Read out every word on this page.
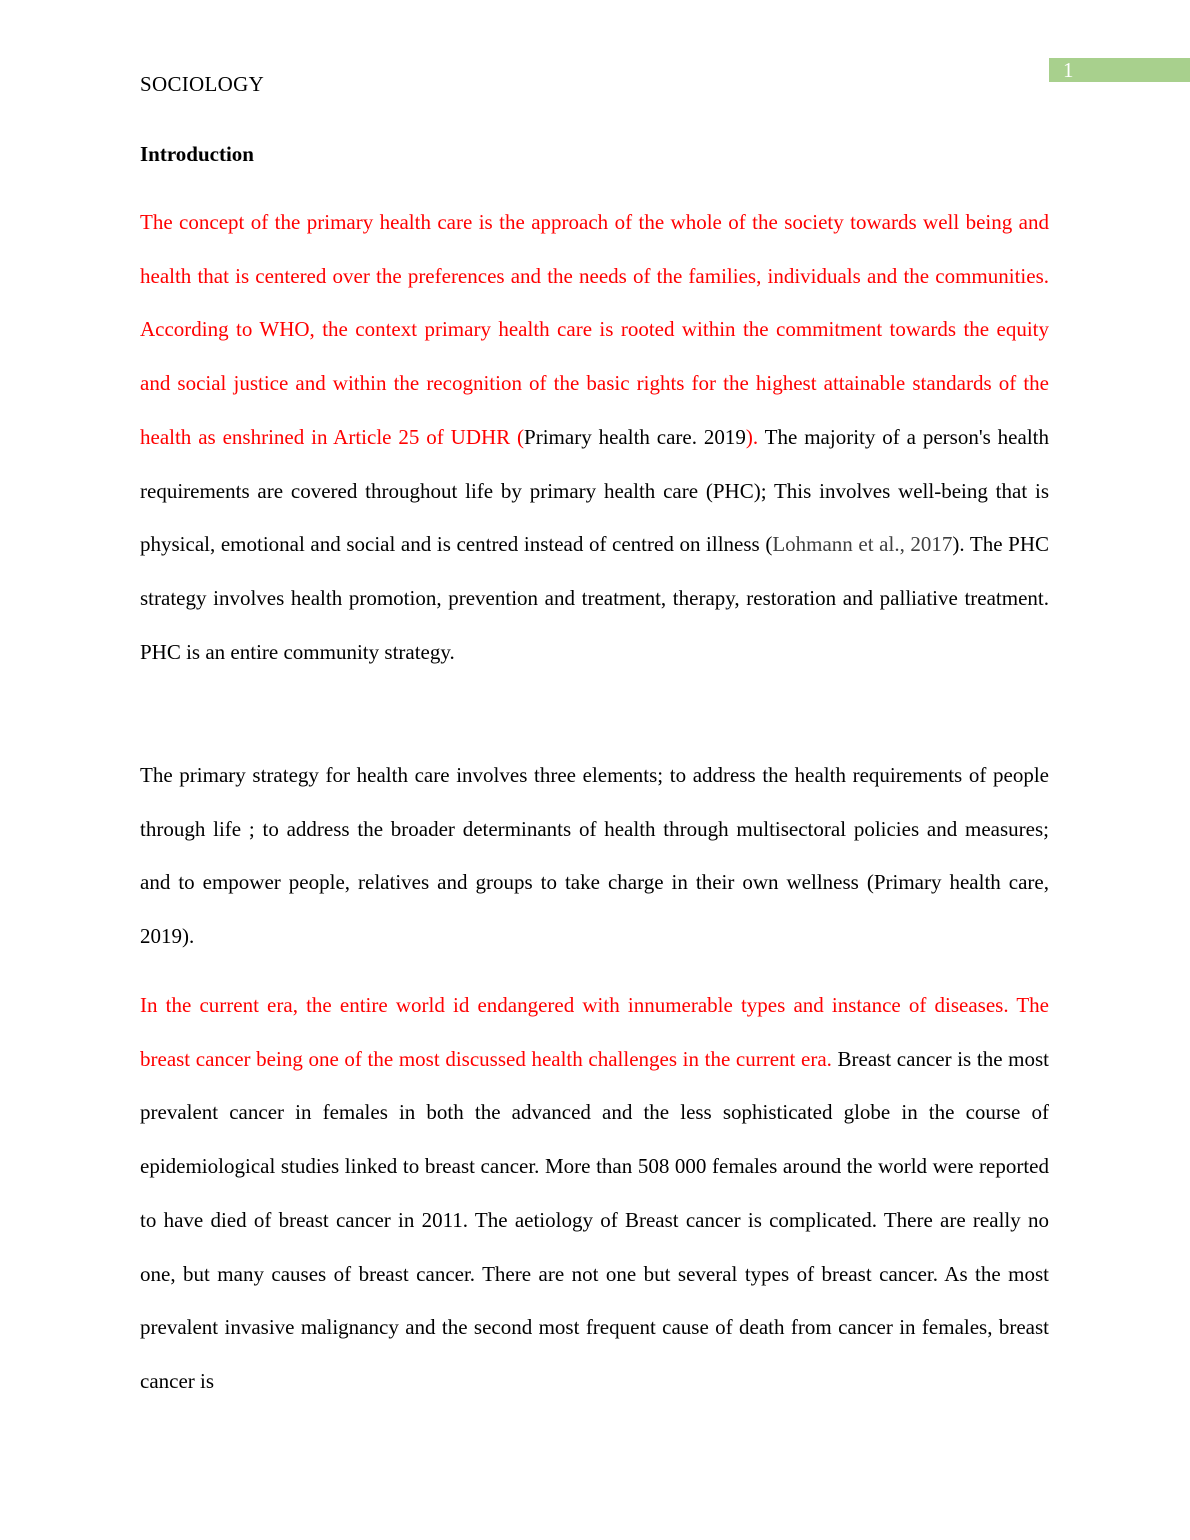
1
SOCIOLOGY
Introduction

The concept of the primary health care is the approach of the whole of the society towards well being and health that is centered over the preferences and the needs of the families, individuals and the communities. According to WHO, the context primary health care is rooted within the commitment towards the equity and social justice and within the recognition of the basic rights for the highest attainable standards of the health as enshrined in Article 25 of UDHR (Primary health care. 2019). The majority of a person's health requirements are covered throughout life by primary health care (PHC); This involves well-being that is physical, emotional and social and is centred instead of centred on illness (Lohmann et al., 2017). The PHC strategy involves health promotion, prevention and treatment, therapy, restoration and palliative treatment. PHC is an entire community strategy.

The primary strategy for health care involves three elements; to address the health requirements of people through life ; to address the broader determinants of health through multisectoral policies and measures; and to empower people, relatives and groups to take charge in their own wellness (Primary health care, 2019).

In the current era, the entire world id endangered with innumerable types and instance of diseases. The breast cancer being one of the most discussed health challenges in the current era. Breast cancer is the most prevalent cancer in females in both the advanced and the less sophisticated globe in the course of epidemiological studies linked to breast cancer. More than 508 000 females around the world were reported to have died of breast cancer in 2011. The aetiology of Breast cancer is complicated. There are really no one, but many causes of breast cancer. There are not one but several types of breast cancer. As the most prevalent invasive malignancy and the second most frequent cause of death from cancer in females, breast cancer is
